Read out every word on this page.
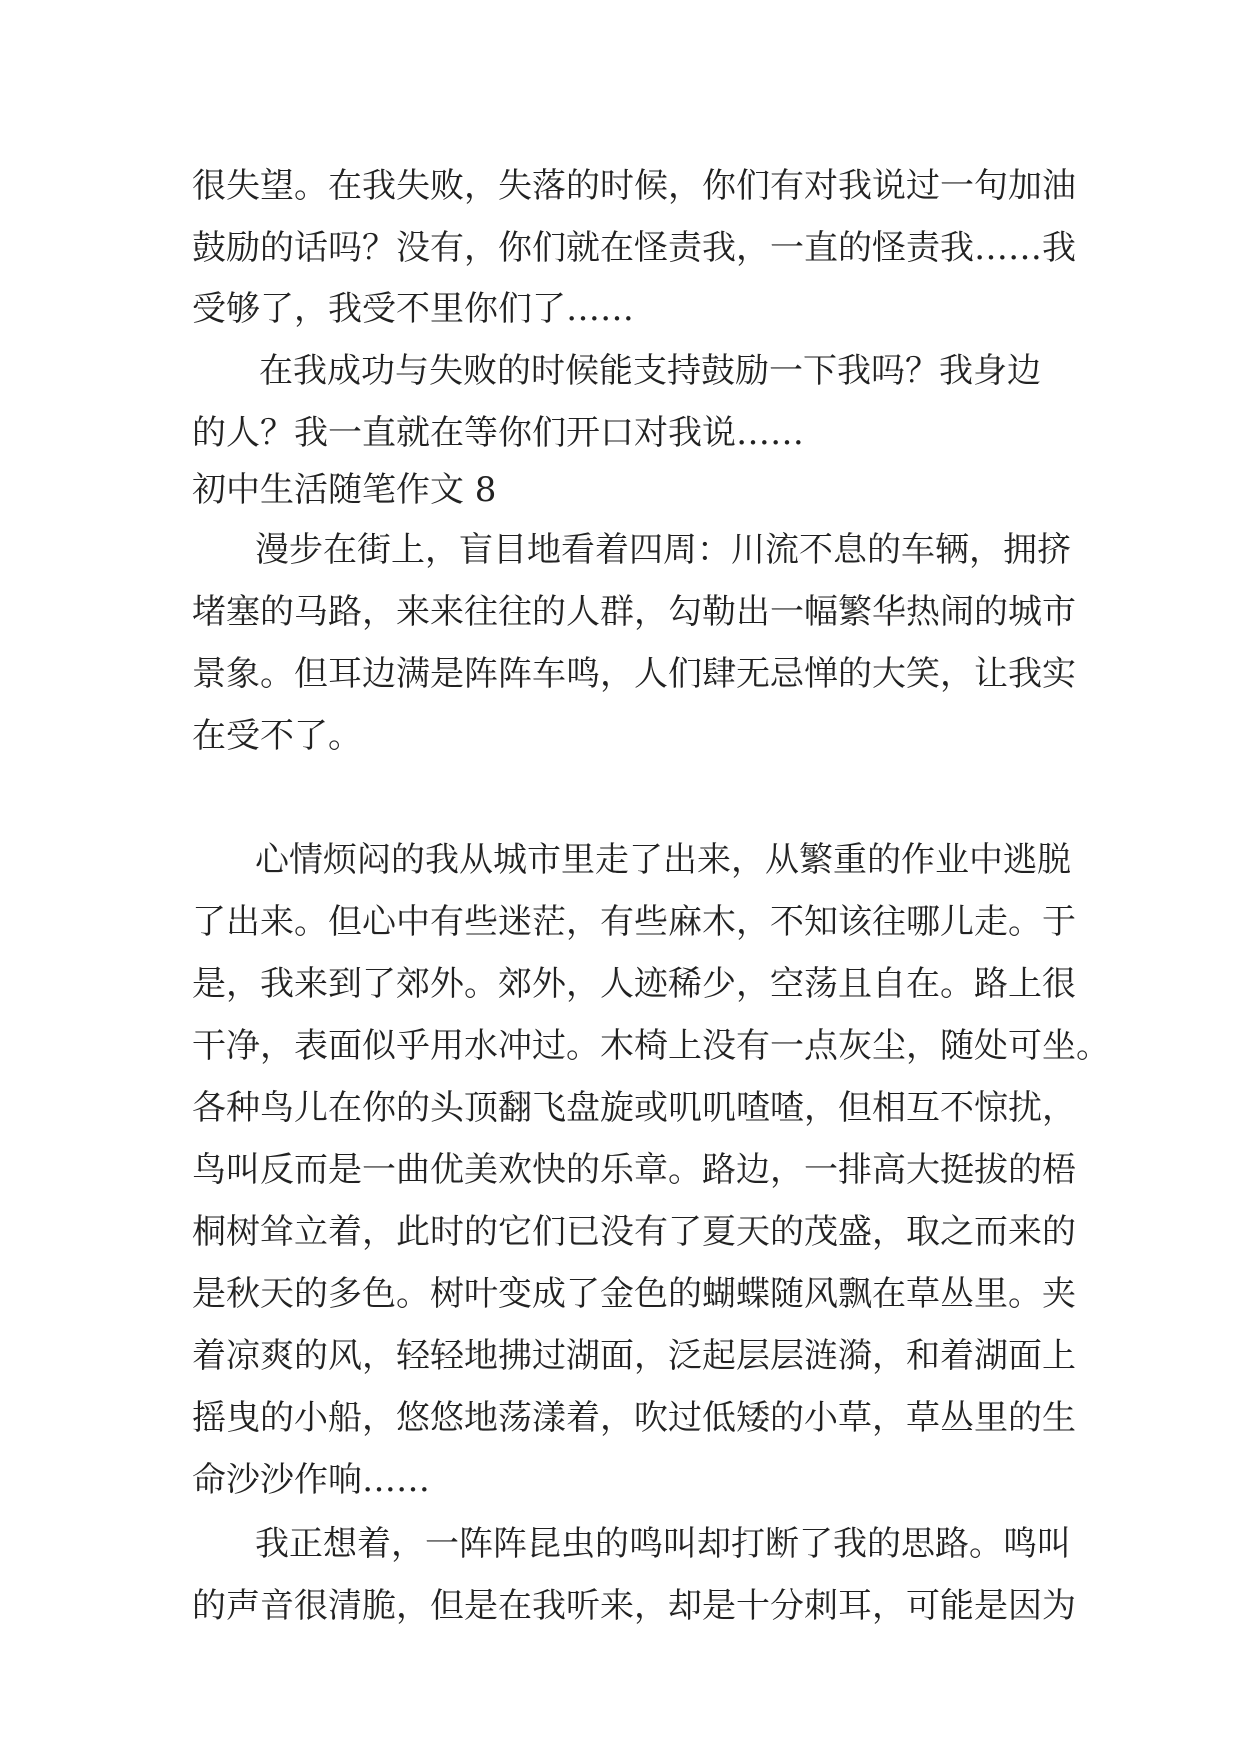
很失望。在我失败，失落的时候，你们有对我说过一句加油
鼓励的话吗？没有，你们就在怪责我，一直的怪责我……我
受够了，我受不里你们了……
在我成功与失败的时候能支持鼓励一下我吗？我身边
的人？我一直就在等你们开口对我说……
初中生活随笔作文 8
漫步在街上，盲目地看着四周：川流不息的车辆，拥挤
堵塞的马路，来来往往的人群，勾勒出一幅繁华热闹的城市
景象。但耳边满是阵阵车鸣，人们肆无忌惮的大笑，让我实
在受不了。
心情烦闷的我从城市里走了出来，从繁重的作业中逃脱
了出来。但心中有些迷茫，有些麻木，不知该往哪儿走。于
是，我来到了郊外。郊外，人迹稀少，空荡且自在。路上很
干净，表面似乎用水冲过。木椅上没有一点灰尘，随处可坐。
各种鸟儿在你的头顶翻飞盘旋或叽叽喳喳，但相互不惊扰，
鸟叫反而是一曲优美欢快的乐章。路边，一排高大挺拔的梧
桐树耸立着，此时的它们已没有了夏天的茂盛，取之而来的
是秋天的多色。树叶变成了金色的蝴蝶随风飘在草丛里。夹
着凉爽的风，轻轻地拂过湖面，泛起层层涟漪，和着湖面上
摇曳的小船，悠悠地荡漾着，吹过低矮的小草，草丛里的生
命沙沙作响……
我正想着，一阵阵昆虫的鸣叫却打断了我的思路。鸣叫
的声音很清脆，但是在我听来，却是十分刺耳，可能是因为
